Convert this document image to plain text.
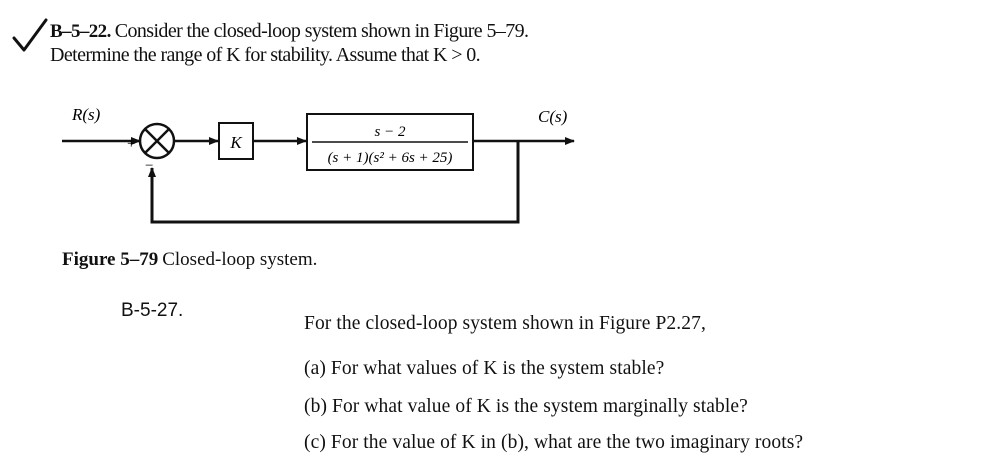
B–5–22. Consider the closed-loop system shown in Figure 5–79.
Determine the range of K for stability. Assume that K > 0.
R(s)
+
−
K
s − 2
(s + 1)(s² + 6s + 25)
C(s)
Figure 5–79 Closed-loop system.
B-5-27.
For the closed-loop system shown in Figure P2.27,
(a) For what values of K is the system stable?
(b) For what value of K is the system marginally stable?
(c) For the value of K in (b), what are the two imaginary roots?
